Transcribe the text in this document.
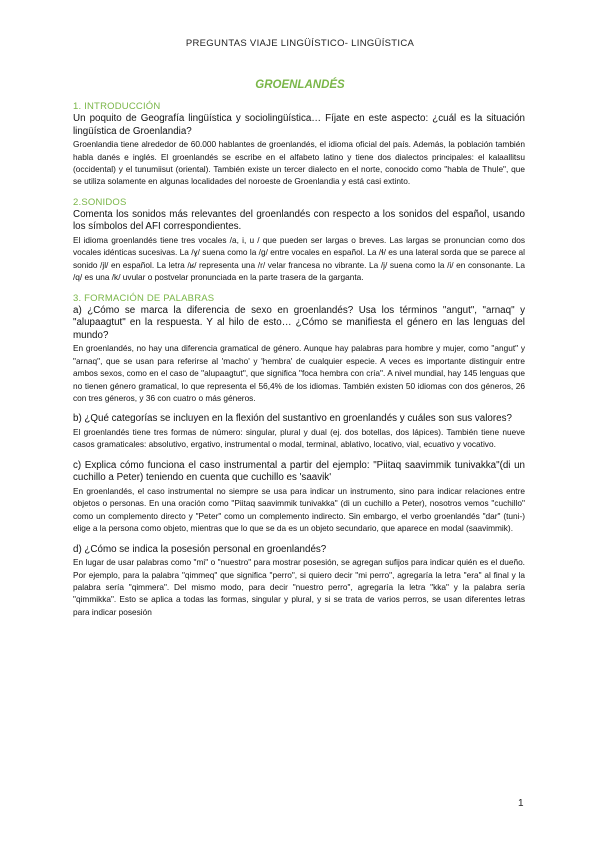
PREGUNTAS VIAJE LINGÜÍSTICO- LINGÜÍSTICA
GROENLANDÉS
1. INTRODUCCIÓN

Un poquito de Geografía lingüística y sociolingüística… Fíjate en este aspecto: ¿cuál es la situación lingüística de Groenlandia?

Groenlandia tiene alrededor de 60.000 hablantes de groenlandés, el idioma oficial del país. Además, la población también habla danés e inglés. El groenlandés se escribe en el alfabeto latino y tiene dos dialectos principales: el kalaallitsu (occidental) y el tunumiisut (oriental). También existe un tercer dialecto en el norte, conocido como "habla de Thule", que se utiliza solamente en algunas localidades del noroeste de Groenlandia y está casi extinto.

2.SONIDOS

Comenta los sonidos más relevantes del groenlandés con respecto a los sonidos del español, usando los símbolos del AFI correspondientes.

El idioma groenlandés tiene tres vocales /a, i, u / que pueden ser largas o breves. Las largas se pronuncian como dos vocales idénticas sucesivas. La /ɣ/ suena como la /g/ entre vocales en español. La /ɬ/ es una lateral sorda que se parece al sonido /jl/ en español. La letra /ʁ/ representa una /r/ velar francesa no vibrante. La /j/ suena como la /i/ en consonante. La /q/ es una /k/ uvular o postvelar pronunciada en la parte trasera de la garganta.

3. FORMACIÓN DE PALABRAS

a) ¿Cómo se marca la diferencia de sexo en groenlandés? Usa los términos "angut", "arnaq" y "alupaagtut" en la respuesta. Y al hilo de esto… ¿Cómo se manifiesta el género en las lenguas del mundo?

En groenlandés, no hay una diferencia gramatical de género. Aunque hay palabras para hombre y mujer, como "angut" y "arnaq", que se usan para referirse al 'macho' y 'hembra' de cualquier especie. A veces es importante distinguir entre ambos sexos, como en el caso de "alupaagtut", que significa "foca hembra con cría". A nivel mundial, hay 145 lenguas que no tienen género gramatical, lo que representa el 56,4% de los idiomas. También existen 50 idiomas con dos géneros, 26 con tres géneros, y 36 con cuatro o más géneros.

b) ¿Qué categorías se incluyen en la flexión del sustantivo en groenlandés y cuáles son sus valores?

El groenlandés tiene tres formas de número: singular, plural y dual (ej. dos botellas, dos lápices). También tiene nueve casos gramaticales: absolutivo, ergativo, instrumental o modal, terminal, ablativo, locativo, vial, ecuativo y vocativo.

c) Explica cómo funciona el caso instrumental a partir del ejemplo: "Piitaq saavimmik tunivakka"(di un cuchillo a Peter) teniendo en cuenta que cuchillo es 'saavik'

En groenlandés, el caso instrumental no siempre se usa para indicar un instrumento, sino para indicar relaciones entre objetos o personas. En una oración como "Piitaq saavimmik tunivakka" (di un cuchillo a Peter), nosotros vemos "cuchillo" como un complemento directo y "Peter" como un complemento indirecto. Sin embargo, el verbo groenlandés "dar" (tuni-) elige a la persona como objeto, mientras que lo que se da es un objeto secundario, que aparece en modal (saavimmik).

d) ¿Cómo se indica la posesión personal en groenlandés?

En lugar de usar palabras como "mi" o "nuestro" para mostrar posesión, se agregan sufijos para indicar quién es el dueño. Por ejemplo, para la palabra "qimmeq" que significa "perro", si quiero decir "mi perro", agregaría la letra "era" al final y la palabra sería "qimmera". Del mismo modo, para decir "nuestro perro", agregaría la letra "kka" y la palabra sería "qimmikka". Esto se aplica a todas las formas, singular y plural, y si se trata de varios perros, se usan diferentes letras para indicar posesión

1
